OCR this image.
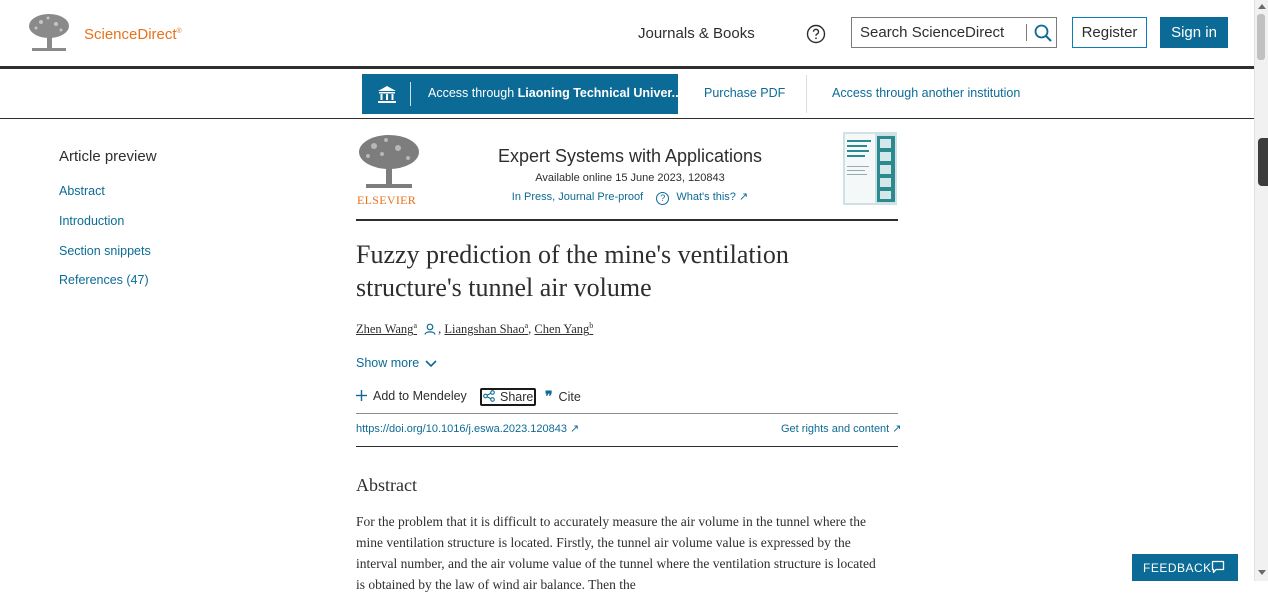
ScienceDirect®	Journals & Books
Search ScienceDirect	Register	Sign in
Access through Liaoning Technical Univer... Purchase PDF	Access through another institution
Article preview
Abstract
Introduction
Section snippets
References (47)
ELSEVIER
Expert Systems with Applications
Available online 15 June 2023, 120843
In Press, Journal Pre-proof ? What's this? ↗
Fuzzy prediction of the mine's ventilation structure's tunnel air volume
Zhen Wang$^a$ , Liangshan Shao$^a$, Chen Yang$^b$
Show more
Add to Mendeley	Share ❞ Cite
https://doi.org/10.1016/j.eswa.2023.120843 ↗	Get rights and content ↗
Abstract

For the problem that it is difficult to accurately measure the air volume in the tunnel where the mine ventilation structure is located. Firstly, the tunnel air volume value is expressed by the interval number, and the air volume value of the tunnel where the ventilation structure is located is obtained by the law of wind air balance. Then the

FEEDBACK
